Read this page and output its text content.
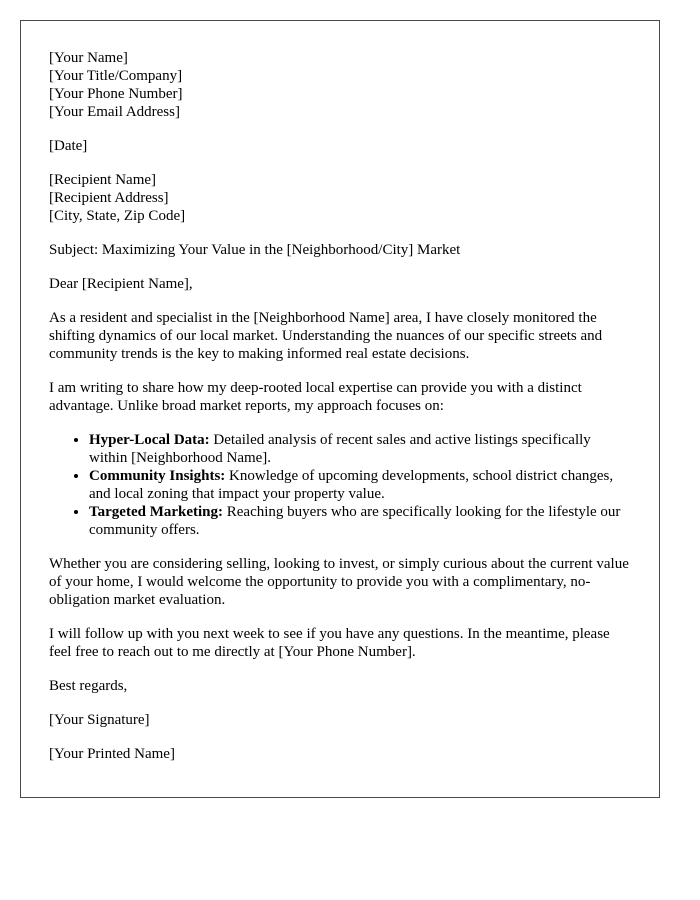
[Your Name]
[Your Title/Company]
[Your Phone Number]
[Your Email Address]
[Date]
[Recipient Name]
[Recipient Address]
[City, State, Zip Code]

Subject: Maximizing Your Value in the [Neighborhood/City] Market

Dear [Recipient Name],

As a resident and specialist in the [Neighborhood Name] area, I have closely monitored the shifting dynamics of our local market. Understanding the nuances of our specific streets and community trends is the key to making informed real estate decisions.

I am writing to share how my deep-rooted local expertise can provide you with a distinct advantage. Unlike broad market reports, my approach focuses on:

• Hyper-Local Data: Detailed analysis of recent sales and active listings specifically within [Neighborhood Name].
• Community Insights: Knowledge of upcoming developments, school district changes, and local zoning that impact your property value.
• Targeted Marketing: Reaching buyers who are specifically looking for the lifestyle our community offers.

Whether you are considering selling, looking to invest, or simply curious about the current value of your home, I would welcome the opportunity to provide you with a complimentary, no-obligation market evaluation.

I will follow up with you next week to see if you have any questions. In the meantime, please feel free to reach out to me directly at [Your Phone Number].

Best regards,

[Your Signature]

[Your Printed Name]
